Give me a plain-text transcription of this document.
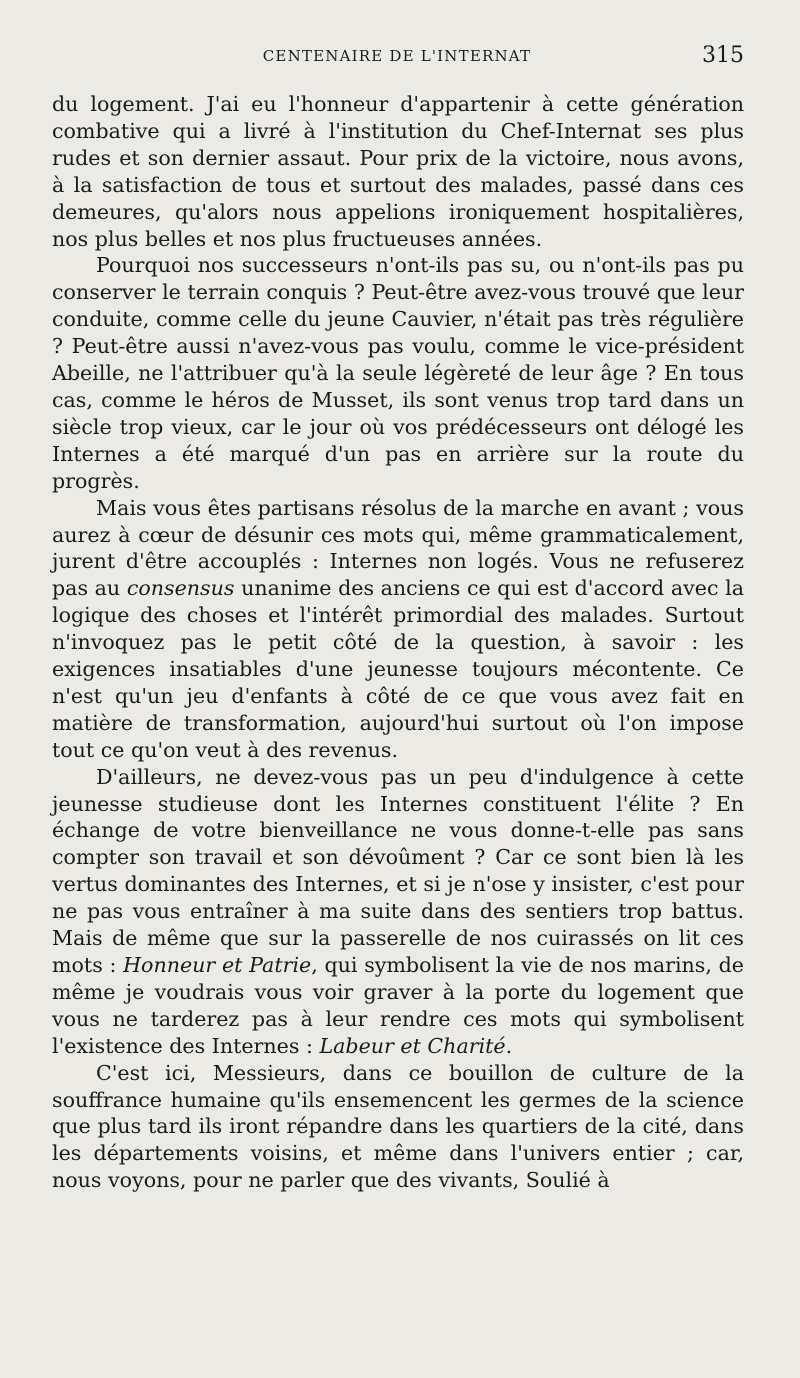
CENTENAIRE DE L'INTERNAT	315

du logement. J'ai eu l'honneur d'appartenir à cette génération combative qui a livré à l'institution du Chef-Internat ses plus rudes et son dernier assaut. Pour prix de la victoire, nous avons, à la satisfaction de tous et surtout des malades, passé dans ces demeures, qu'alors nous appelions ironiquement hospitalières, nos plus belles et nos plus fructueuses années.

Pourquoi nos successeurs n'ont-ils pas su, ou n'ont-ils pas pu conserver le terrain conquis ? Peut-être avez-vous trouvé que leur conduite, comme celle du jeune Cauvier, n'était pas très régulière ? Peut-être aussi n'avez-vous pas voulu, comme le vice-président Abeille, ne l'attribuer qu'à la seule légèreté de leur âge ? En tous cas, comme le héros de Musset, ils sont venus trop tard dans un siècle trop vieux, car le jour où vos prédécesseurs ont délogé les Internes a été marqué d'un pas en arrière sur la route du progrès.

Mais vous êtes partisans résolus de la marche en avant ; vous aurez à cœur de désunir ces mots qui, même grammaticalement, jurent d'être accouplés : Internes non logés. Vous ne refuserez pas au consensus unanime des anciens ce qui est d'accord avec la logique des choses et l'intérêt primordial des malades. Surtout n'invoquez pas le petit côté de la question, à savoir : les exigences insatiables d'une jeunesse toujours mécontente. Ce n'est qu'un jeu d'enfants à côté de ce que vous avez fait en matière de transformation, aujourd'hui surtout où l'on impose tout ce qu'on veut à des revenus.

D'ailleurs, ne devez-vous pas un peu d'indulgence à cette jeunesse studieuse dont les Internes constituent l'élite ? En échange de votre bienveillance ne vous donne-t-elle pas sans compter son travail et son dévoûment ? Car ce sont bien là les vertus dominantes des Internes, et si je n'ose y insister, c'est pour ne pas vous entraîner à ma suite dans des sentiers trop battus. Mais de même que sur la passerelle de nos cuirassés on lit ces mots : Honneur et Patrie, qui symbolisent la vie de nos marins, de même je voudrais vous voir graver à la porte du logement que vous ne tarderez pas à leur rendre ces mots qui symbolisent l'existence des Internes : Labeur et Charité.

C'est ici, Messieurs, dans ce bouillon de culture de la souffrance humaine qu'ils ensemencent les germes de la science que plus tard ils iront répandre dans les quartiers de la cité, dans les départements voisins, et même dans l'univers entier ; car, nous voyons, pour ne parler que des vivants, Soulié à
